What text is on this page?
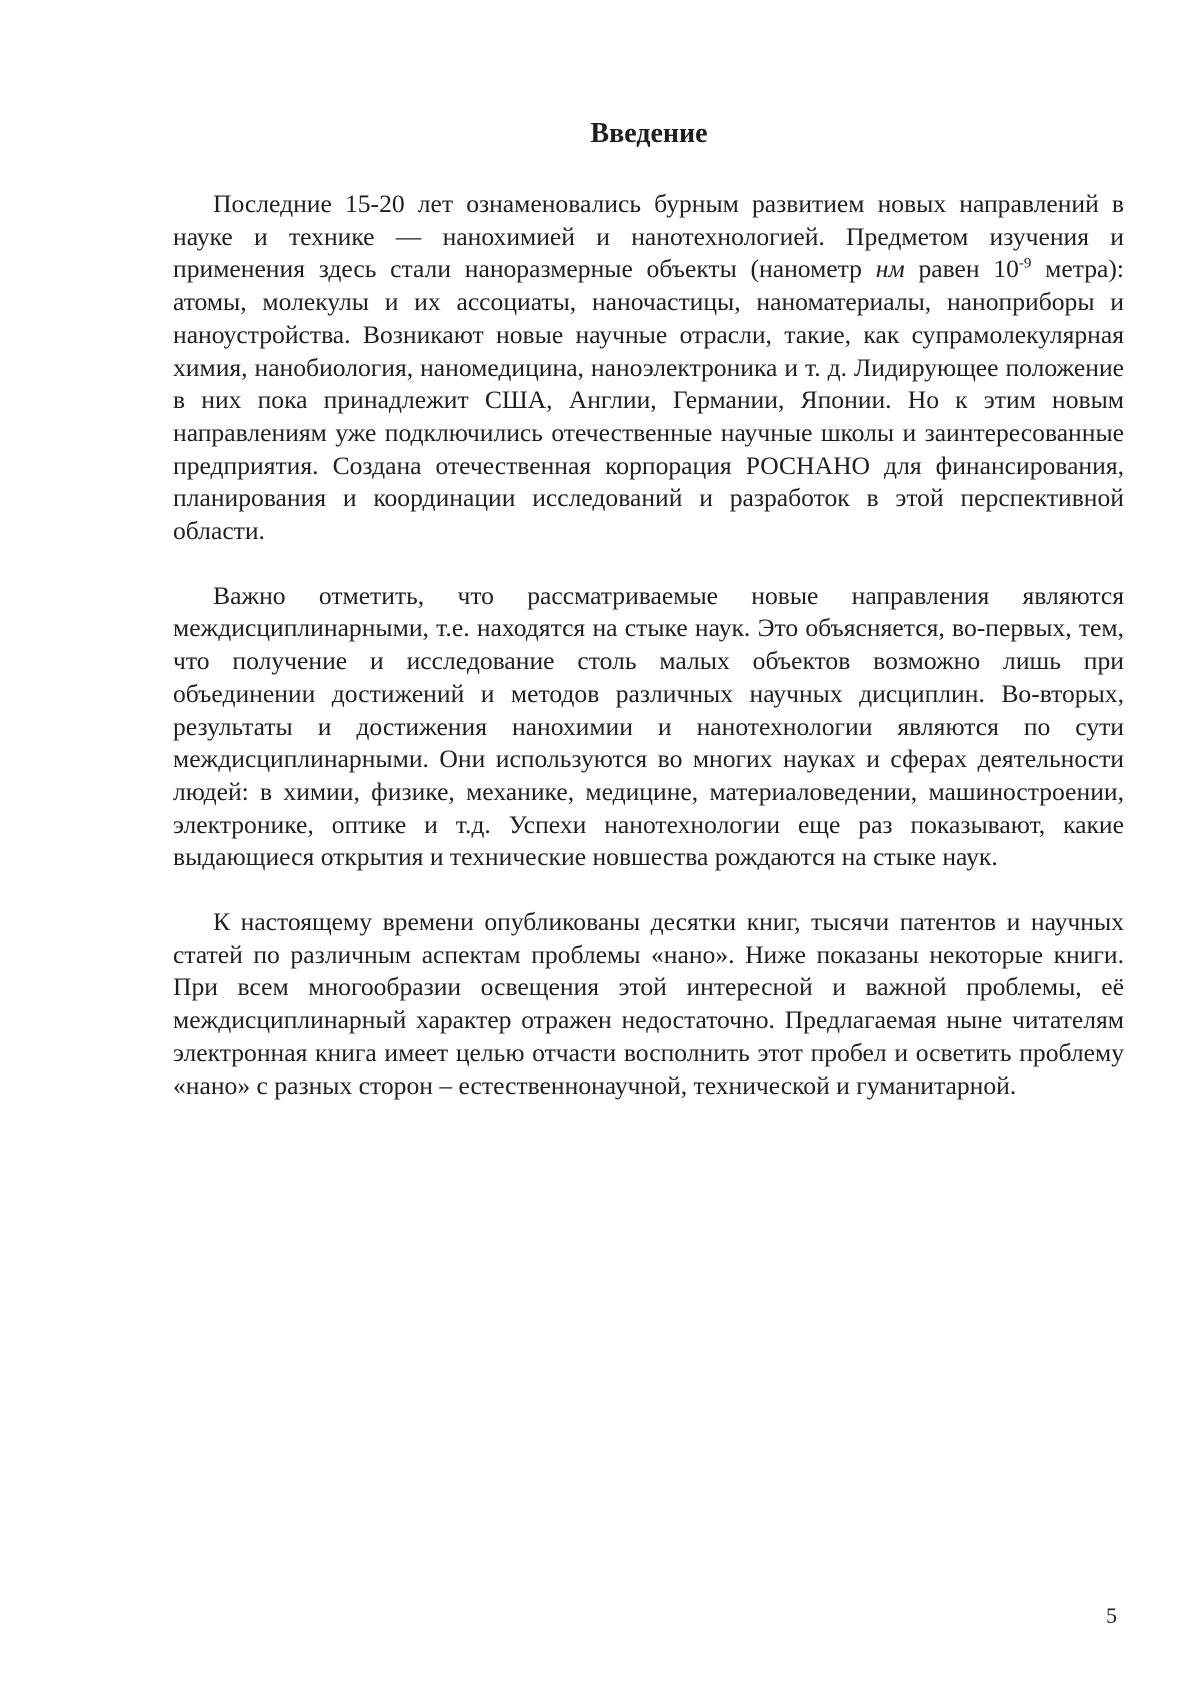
Введение

Последние 15-20 лет ознаменовались бурным развитием новых направлений в науке и технике — нанохимией и нанотехнологией. Предметом изучения и применения здесь стали наноразмерные объекты (нанометр нм равен $10^{-9}$ метра): атомы, молекулы и их ассоциаты, наночастицы, наноматериалы, наноприборы и наноустройства. Возникают новые научные отрасли, такие, как супрамолекулярная химия, нанобиология, наномедицина, наноэлектроника и т. д. Лидирующее положение в них пока принадлежит США, Англии, Германии, Японии. Но к этим новым направлениям уже подключились отечественные научные школы и заинтересованные предприятия. Создана отечественная корпорация РОСНАНО для финансирования, планирования и координации исследований и разработок в этой перспективной области.

Важно отметить, что рассматриваемые новые направления являются междисциплинарными, т.е. находятся на стыке наук. Это объясняется, во-первых, тем, что получение и исследование столь малых объектов возможно лишь при объединении достижений и методов различных научных дисциплин. Во-вторых, результаты и достижения нанохимии и нанотехнологии являются по сути междисциплинарными. Они используются во многих науках и сферах деятельности людей: в химии, физике, механике, медицине, материаловедении, машиностроении, электронике, оптике и т.д. Успехи нанотехнологии еще раз показывают, какие выдающиеся открытия и технические новшества рождаются на стыке наук.

К настоящему времени опубликованы десятки книг, тысячи патентов и научных статей по различным аспектам проблемы «нано». Ниже показаны некоторые книги. При всем многообразии освещения этой интересной и важной проблемы, её междисциплинарный характер отражен недостаточно. Предлагаемая ныне читателям электронная книга имеет целью отчасти восполнить этот пробел и осветить проблему «нано» с разных сторон – естественнонаучной, технической и гуманитарной.

5
